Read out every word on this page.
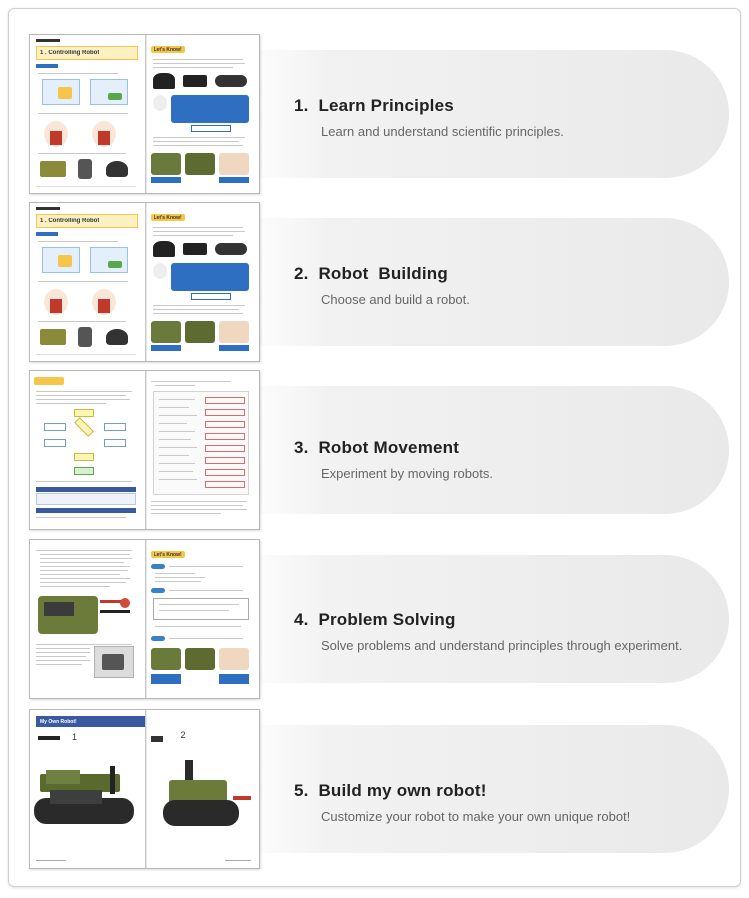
1 . Controlling Robot	Let's Know!
1. Learn Principles
Learn and understand scientific principles.
1 . Controlling Robot	Let's Know!
2. Robot  Building
Choose and build a robot.
3. Robot Movement
Experiment by moving robots.
Let's Know!
4. Problem Solving
Solve problems and understand principles through experiment.
My Own Robot!
1	2
5. Build my own robot!
Customize your robot to make your own unique robot!
